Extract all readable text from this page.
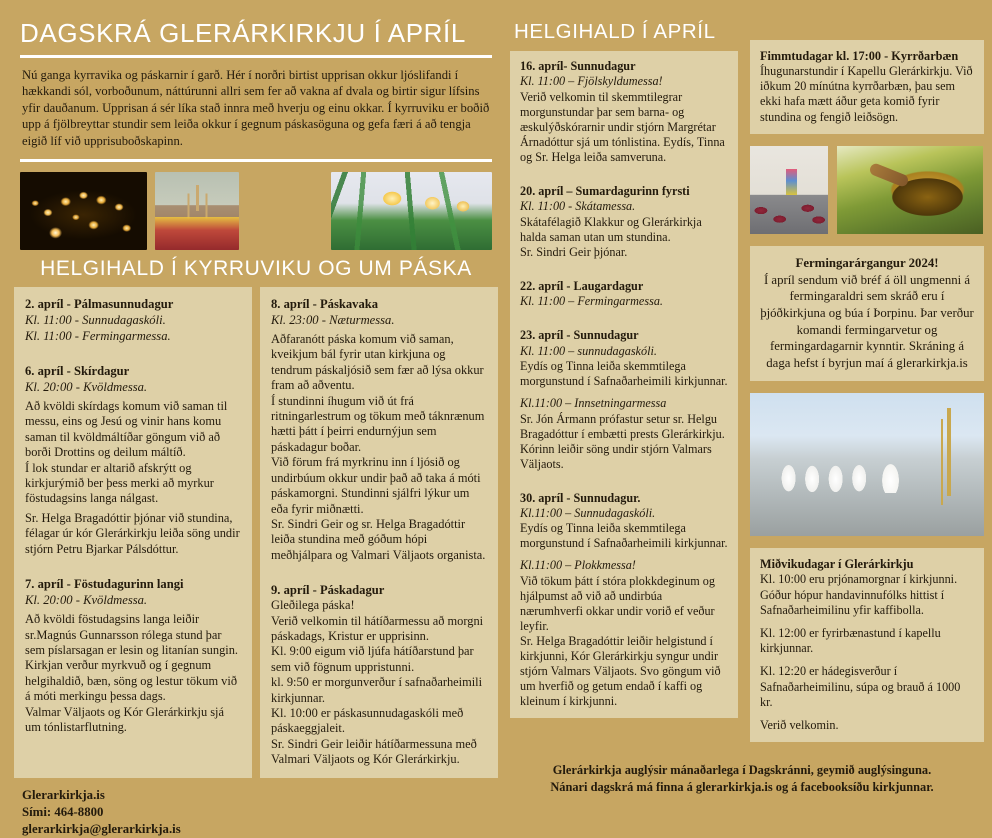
DAGSKRÁ GLERÁRKIRKJU Í APRÍL
Nú ganga kyrravika og páskarnir í garð. Hér í norðri birtist upprisan okkur ljóslifandi í hækkandi sól, vorboðunum, náttúrunni allri sem fer að vakna af dvala og birtir sigur lífsins yfir dauðanum. Upprisan á sér líka stað innra með hverju og einu okkar. Í kyrruviku er boðið upp á fjölbreyttar stundir sem leiða okkur í gegnum páskasöguna og gefa færi á að tengja eigið líf við upprisuboðskapinn.
HELGIHALD Í KYRRUVIKU OG UM PÁSKA
2. apríl - Pálmasunnudagur
Kl. 11:00 - Sunnudagaskóli.
Kl. 11:00 - Fermingarmessa.
6. apríl - Skírdagur
Kl. 20:00 - Kvöldmessa.

Að kvöldi skírdags komum við saman til messu, eins og Jesú og vinir hans komu saman til kvöldmáltíðar göngum við að borði Drottins og deilum máltíð.

Í lok stundar er altarið afskrýtt og kirkjurýmið ber þess merki að myrkur föstudagsins langa nálgast.

Sr. Helga Bragadóttir þjónar við stundina, félagar úr kór Glerárkirkju leiða söng undir stjórn Petru Bjarkar Pálsdóttur.

7. apríl - Föstudagurinn langi
Kl. 20:00 - Kvöldmessa.

Að kvöldi föstudagsins langa leiðir sr.Magnús Gunnarsson rólega stund þar sem píslarsagan er lesin og litanían sungin.

Kirkjan verður myrkvuð og í gegnum helgihaldið, bæn, söng og lestur tökum við á móti merkingu þessa dags.

Valmar Väljaots og Kór Glerárkirkju sjá um tónlistarflutning.

8. apríl - Páskavaka
Kl. 23:00 - Næturmessa.

Aðfaranótt páska komum við saman, kveikjum bál fyrir utan kirkjuna og tendrum páskaljósið sem fær að lýsa okkur fram að aðventu.

Í stundinni íhugum við út frá ritningarlestrum og tökum með táknrænum hætti þátt í þeirri endurnýjun sem páskadagur boðar.

Við förum frá myrkrinu inn í ljósið og undirbúum okkur undir það að taka á móti páskamorgni. Stundinni sjálfri lýkur um eða fyrir miðnætti.

Sr. Sindri Geir og sr. Helga Bragadóttir leiða stundina með góðum hópi meðhjálpara og Valmari Väljaots organista.

9. apríl - Páskadagur

Gleðilega páska!

Verið velkomin til hátíðarmessu að morgni páskadags, Kristur er upprisinn.

Kl. 9:00 eigum við ljúfa hátíðarstund þar sem við fögnum uppristunni.

kl. 9:50 er morgunverður í safnaðarheimili kirkjunnar.

Kl. 10:00 er páskasunnudagaskóli með páskaeggjaleit.

Sr. Sindri Geir leiðir hátíðarmessuna með Valmari Väljaots og Kór Glerárkirkju.

Glerarkirkja.is
Sími: 464-8800
glerarkirkja@glerarkirkja.is
HELGIHALD Í APRÍL
16. apríl- Sunnudagur
Kl. 11:00 – Fjölskyldumessa!

Verið velkomin til skemmtilegrar morgunstundar þar sem barna- og æskulýðskórarnir undir stjórn Margrétar Árnadóttur sjá um tónlistina. Eydís, Tinna og Sr. Helga leiða samveruna.

20. apríl – Sumardagurinn fyrsti
Kl. 11:00 - Skátamessa.

Skátafélagið Klakkur og Glerárkirkja halda saman utan um stundina.

Sr. Sindri Geir þjónar.

22. apríl - Laugardagur
Kl. 11:00 – Fermingarmessa.
23. apríl - Sunnudagur
Kl. 11:00 – sunnudagaskóli.

Eydís og Tinna leiða skemmtilega morgunstund í Safnaðarheimili kirkjunnar.

Kl.11:00 – Innsetningarmessa

Sr. Jón Ármann prófastur setur sr. Helgu Bragadóttur í embætti prests Glerárkirkju. Kórinn leiðir söng undir stjórn Valmars Väljaots.

30. apríl - Sunnudagur.
Kl.11:00 – Sunnudagaskóli.

Eydís og Tinna leiða skemmtilega morgunstund í Safnaðarheimili kirkjunnar.

Kl.11:00 – Plokkmessa!

Við tökum þátt í stóra plokkdeginum og hjálpumst að við að undirbúa nærumhverfi okkar undir vorið ef veður leyfir.

Sr. Helga Bragadóttir leiðir helgistund í kirkjunni, Kór Glerárkirkju syngur undir stjórn Valmars Väljaots. Svo göngum við um hverfið og getum endað í kaffi og kleinum í kirkjunni.

Fimmtudagar kl. 17:00 - Kyrrðarbæn

Íhugunarstundir í Kapellu Glerárkirkju. Við iðkum 20 mínútna kyrrðarbæn, þau sem ekki hafa mætt áður geta komið fyrir stundina og fengið leiðsögn.

Fermingarárgangur 2024!
Í apríl sendum við bréf á öll ungmenni á fermingaraldri sem skráð eru í þjóðkirkjuna og búa í Þorpinu. Þar verður komandi fermingarvetur og fermingardagarnir kynntir. Skráning á daga hefst í byrjun maí á glerarkirkja.is
Miðvikudagar í Glerárkirkju

Kl. 10:00 eru prjónamorgnar í kirkjunni. Góður hópur handavinnufólks hittist í Safnaðarheimilinu yfir kaffibolla.

Kl. 12:00 er fyrirbænastund í kapellu kirkjunnar.

Kl. 12:20 er hádegisverður í Safnaðarheimilinu, súpa og brauð á 1000 kr.

Verið velkomin.

Glerárkirkja auglýsir mánaðarlega í Dagskránni, geymið auglýsinguna.
Nánari dagskrá má finna á glerarkirkja.is og á facebooksíðu kirkjunnar.
